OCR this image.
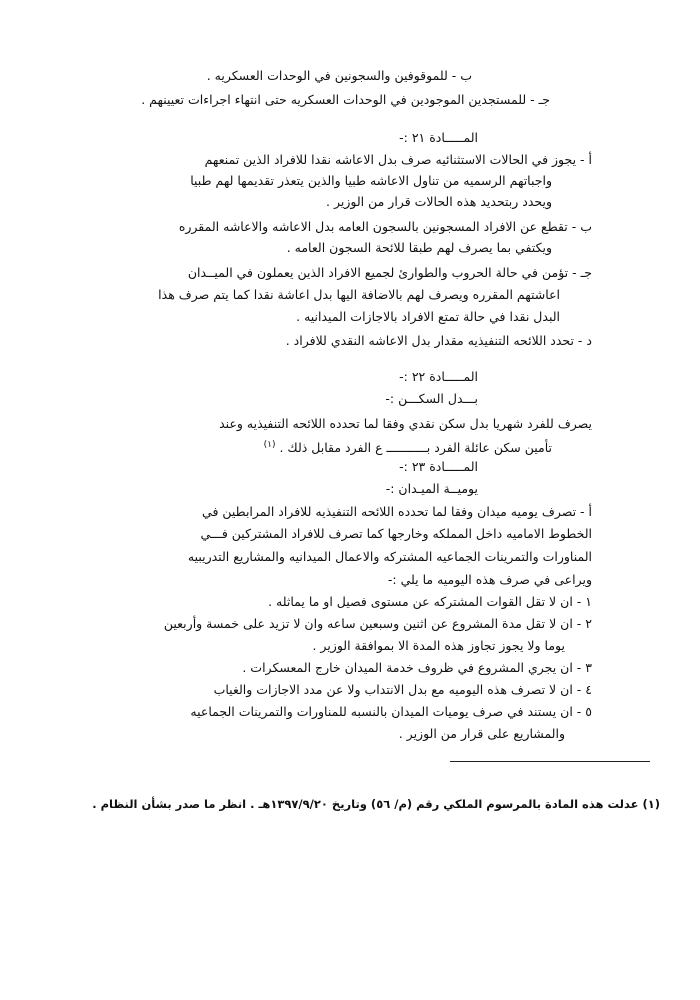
ب - للموقوفين والسجونين في الوحدات العسكريه .
جـ - للمستجدين الموجودين في الوحدات العسكريه حتى انتهاء اجراءات تعيينهم .
المـــــادة ٢١ :-
أ - يجوز في الحالات الاستثنائيه صرف بدل الاعاشه نقدا للافراد الذين تمنعهم
واجباتهم الرسميه من تناول الاعاشه طبيا والذين يتعذر تقديمها لهم طبيا
ويحدد ربتحديد هذه الحالات قرار من الوزير .
ب - تقطع عن الافراد المسجونين بالسجون العامه بدل الاعاشه والاعاشه المقرره
ويكتفي بما يصرف لهم طبقا للائحة السجون العامه .
جـ - تؤمن في حالة الحروب والطوارئ لجميع الافراد الذين يعملون في الميــدان
اعاشتهم المقرره ويصرف لهم بالاضافة اليها بدل اعاشة نقدا كما يتم صرف هذا
البدل نقدا في حالة تمتع الافراد بالاجازات الميدانيه .
د - تحدد اللائحه التنفيذيه مقدار بدل الاعاشه النقدي للافراد .
المـــــادة ٢٢ :-
بـــدل السكـــن :-
يصرف للفرد شهريا بدل سكن نقدي وفقا لما تحدده اللائحه التنفيذيه وعند
تأمين سكن عائلة الفرد بـــــــــــ ع الفرد مقابل ذلك . $^{(١)}$
المـــــادة ٢٣ :-
يوميــة الميـدان :-
أ - تصرف يوميه ميدان وفقا لما تحدده اللائحه التنفيذيه للافراد المرابطين في
الخطوط الاماميه داخل المملكه وخارجها كما تصرف للافراد المشتركين فـــي
المناورات والتمرينات الجماعيه المشتركه والاعمال الميدانيه والمشاريع التدريبيه
ويراعى في صرف هذه اليوميه ما يلي :-
١ - ان لا تقل القوات المشتركه عن مستوى فصيل او ما يماثله .
٢ - ان لا تقل مدة المشروع عن اثنين وسبعين ساعه وان لا تزيد على خمسة وأربعين
يوما ولا يجوز تجاوز هذه المدة الا بموافقة الوزير .
٣ - ان يجري المشروع في ظروف خدمة الميدان خارج المعسكرات .
٤ - ان لا تصرف هذه اليوميه مع بدل الانتداب ولا عن مدد الاجازات والغياب
٥ - ان يستند في صرف يوميات الميدان بالنسبه للمناورات والتمرينات الجماعيه
والمشاريع على قرار من الوزير .
(١) عدلت هذه المادة بالمرسوم الملكي رقم (م/ ٥٦) وتاريخ ١٣٩٧/٩/٢٠هـ . انظر ما صدر بشأن النظام .
